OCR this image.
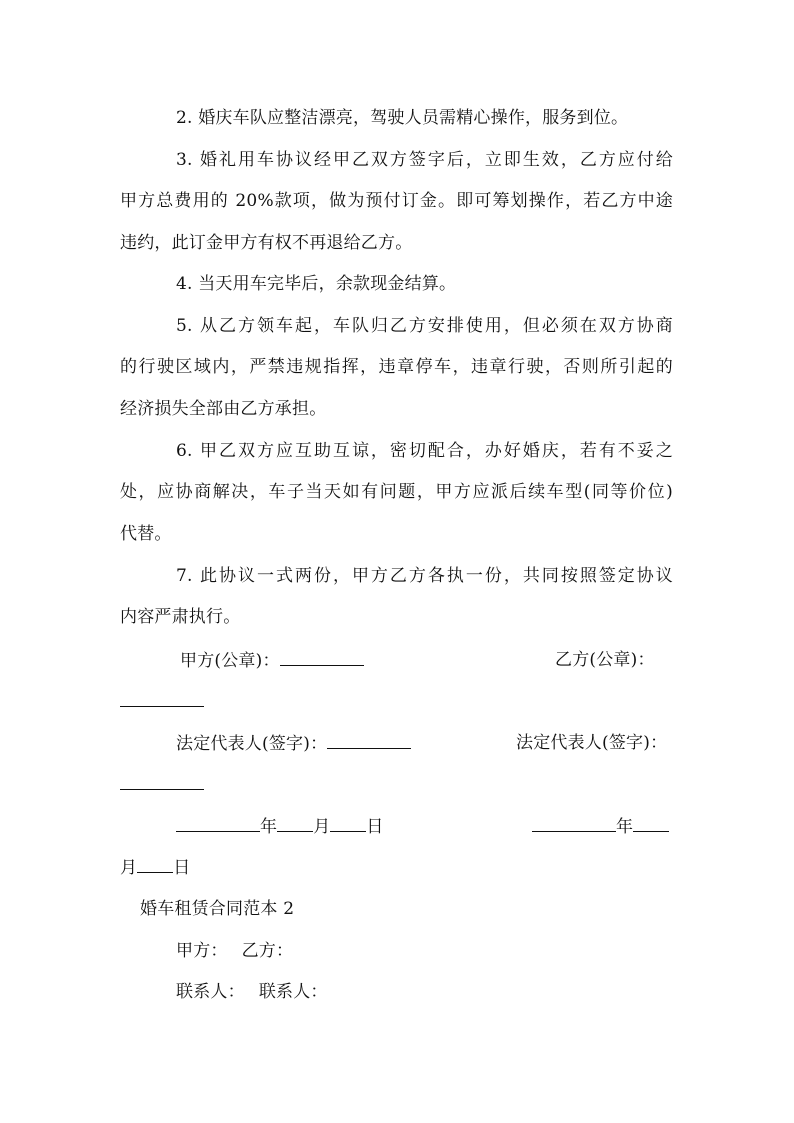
2. 婚庆车队应整洁漂亮，驾驶人员需精心操作，服务到位。
3. 婚礼用车协议经甲乙双方签字后，立即生效，乙方应付给
甲方总费用的 20%款项，做为预付订金。即可筹划操作，若乙方中途
违约，此订金甲方有权不再退给乙方。
4. 当天用车完毕后，余款现金结算。
5. 从乙方领车起，车队归乙方安排使用，但必须在双方协商
的行驶区域内，严禁违规指挥，违章停车，违章行驶，否则所引起的
经济损失全部由乙方承担。
6. 甲乙双方应互助互谅，密切配合，办好婚庆，若有不妥之
处，应协商解决，车子当天如有问题，甲方应派后续车型(同等价位)
代替。
7. 此协议一式两份，甲方乙方各执一份，共同按照签定协议
内容严肃执行。
甲方(公章)：	乙方(公章)：
法定代表人(签字)：	法定代表人(签字)：
年 月 日	年
月 日
婚车租赁合同范本 2
甲方： 乙方：
联系人： 联系人：
